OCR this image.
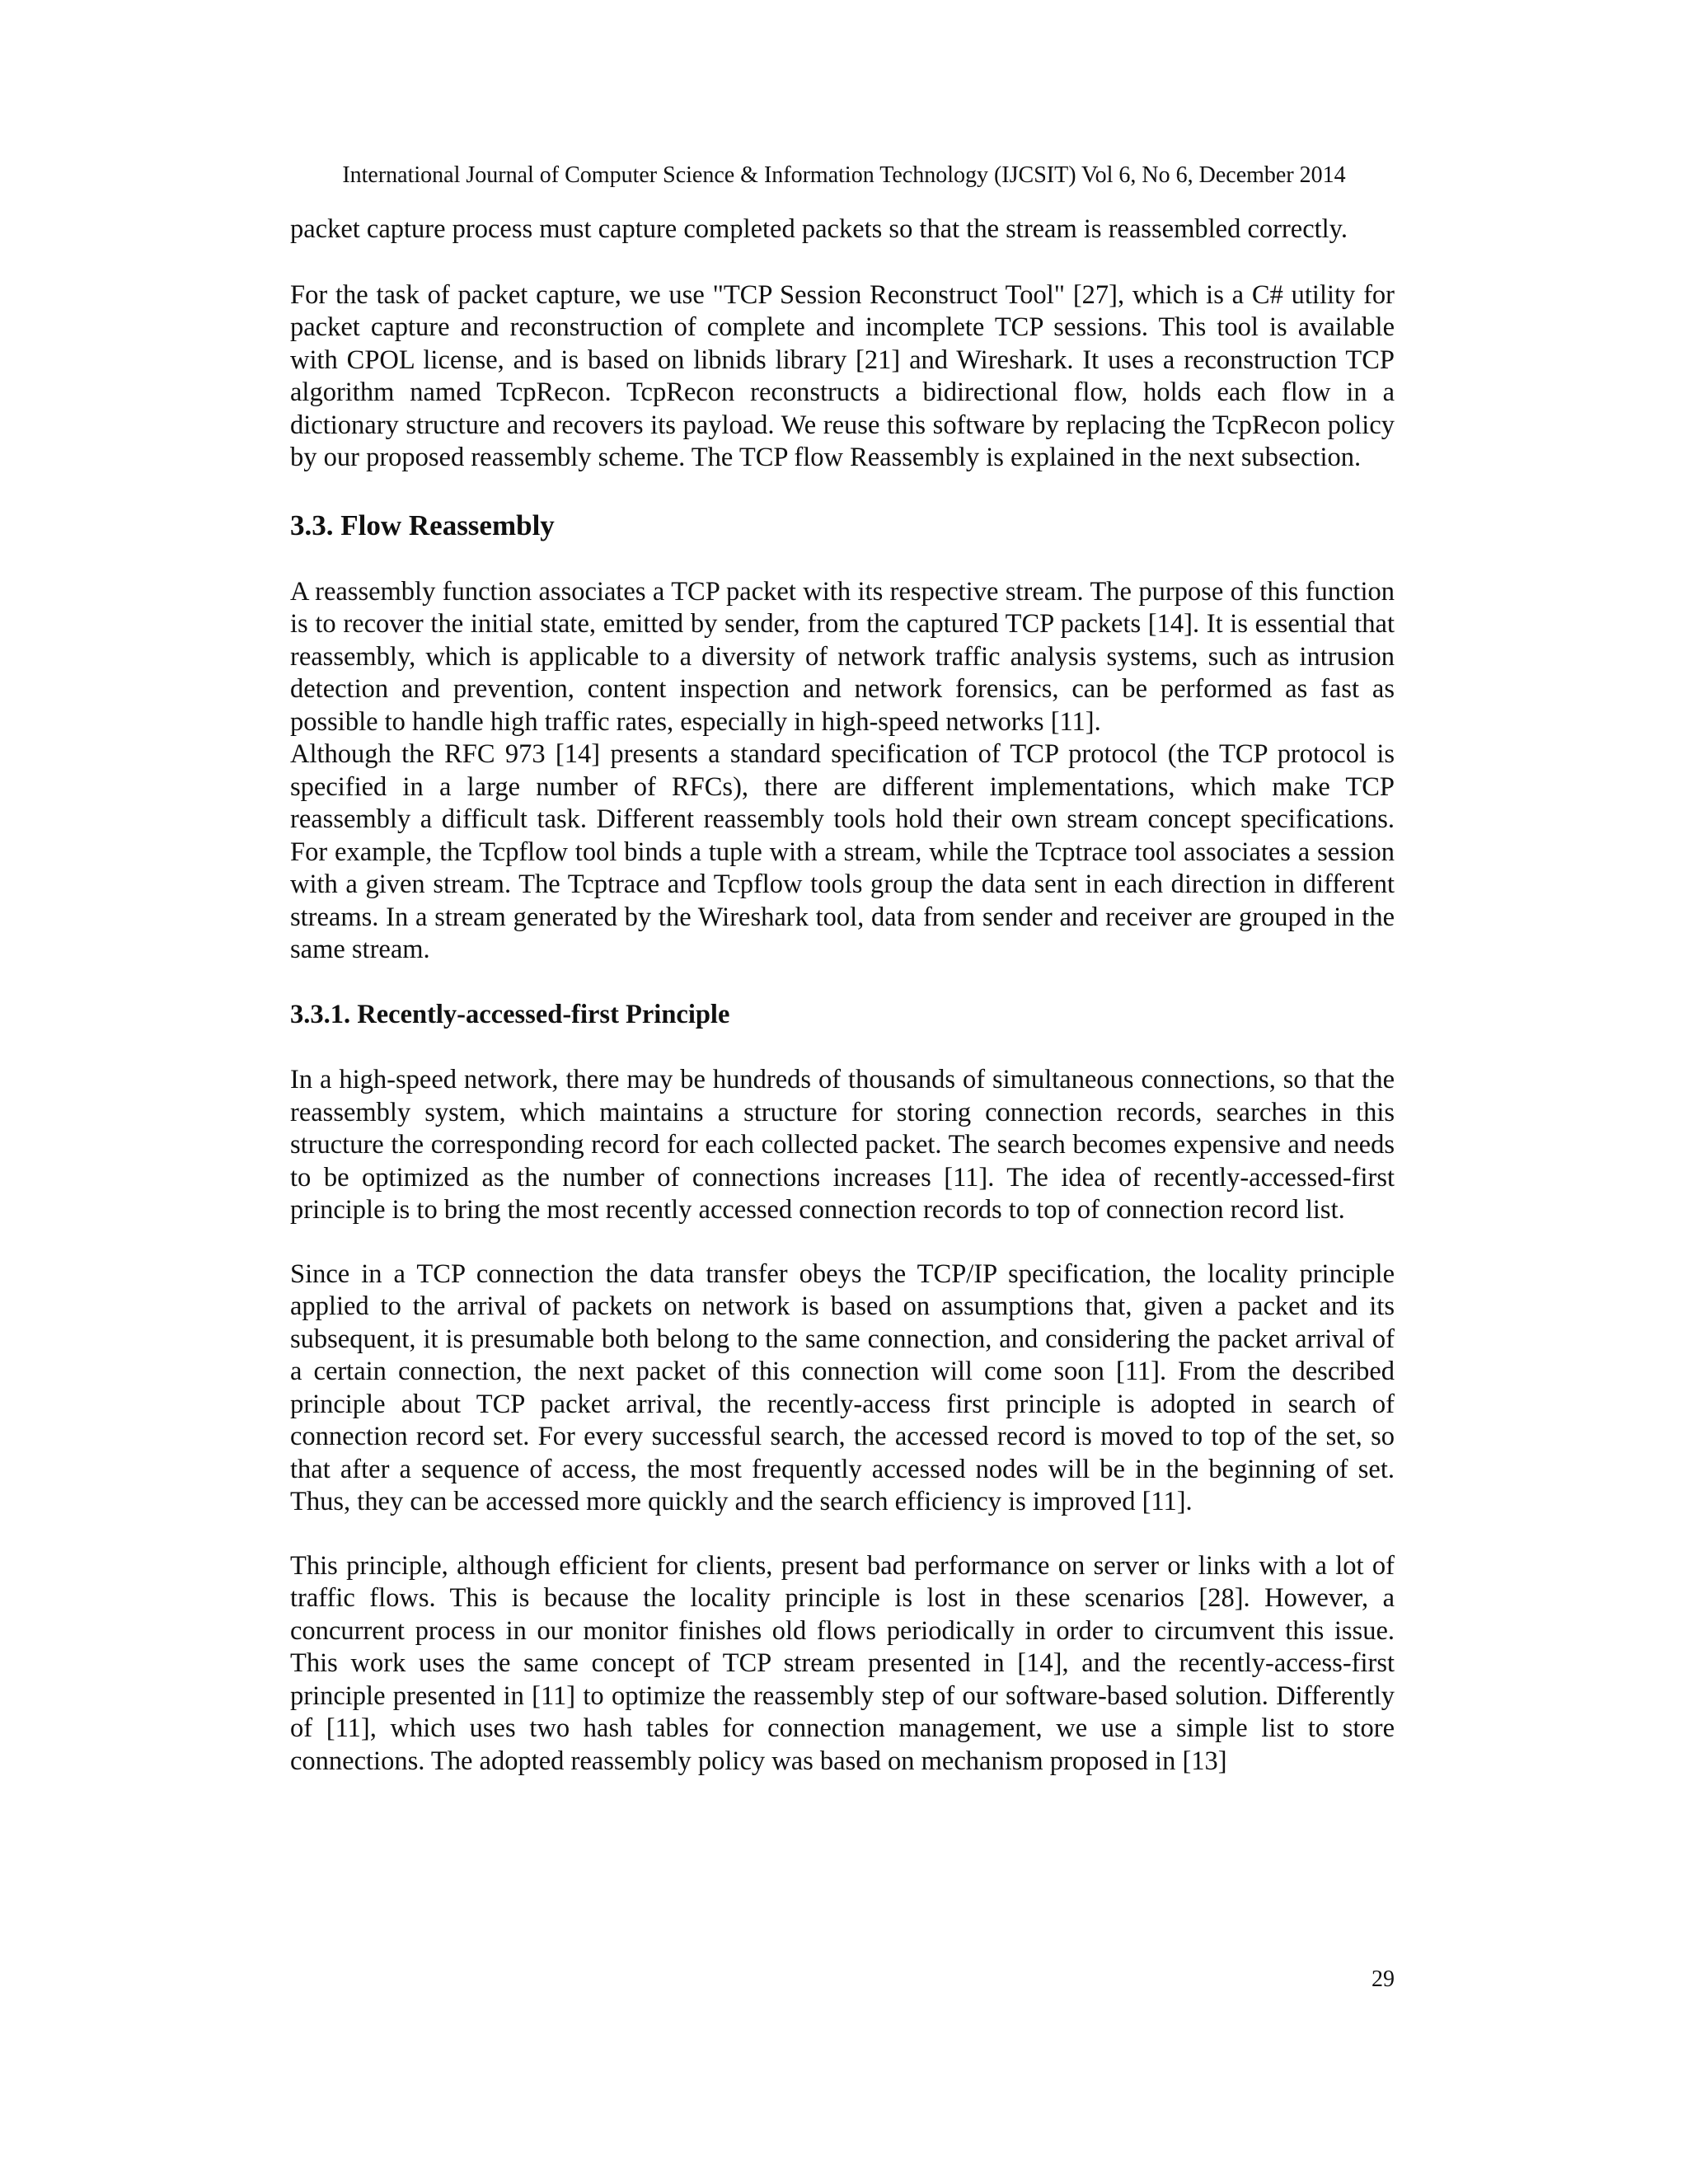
International Journal of Computer Science & Information Technology (IJCSIT) Vol 6, No 6, December 2014

packet capture process must capture completed packets so that the stream is reassembled correctly.

For the task of packet capture, we use "TCP Session Reconstruct Tool" [27], which is a C# utility for packet capture and reconstruction of complete and incomplete TCP sessions. This tool is available with CPOL license, and is based on libnids library [21] and Wireshark. It uses a reconstruction TCP algorithm named TcpRecon. TcpRecon reconstructs a bidirectional flow, holds each flow in a dictionary structure and recovers its payload. We reuse this software by replacing the TcpRecon policy by our proposed reassembly scheme. The TCP flow Reassembly is explained in the next subsection.

3.3. Flow Reassembly

A reassembly function associates a TCP packet with its respective stream. The purpose of this function is to recover the initial state, emitted by sender, from the captured TCP packets [14]. It is essential that reassembly, which is applicable to a diversity of network traffic analysis systems, such as intrusion detection and prevention, content inspection and network forensics, can be performed as fast as possible to handle high traffic rates, especially in high-speed networks [11].

Although the RFC 973 [14] presents a standard specification of TCP protocol (the TCP protocol is specified in a large number of RFCs), there are different implementations, which make TCP reassembly a difficult task. Different reassembly tools hold their own stream concept specifications. For example, the Tcpflow tool binds a tuple with a stream, while the Tcptrace tool associates a session with a given stream. The Tcptrace and Tcpflow tools group the data sent in each direction in different streams. In a stream generated by the Wireshark tool, data from sender and receiver are grouped in the same stream.

3.3.1. Recently-accessed-first Principle

In a high-speed network, there may be hundreds of thousands of simultaneous connections, so that the reassembly system, which maintains a structure for storing connection records, searches in this structure the corresponding record for each collected packet. The search becomes expensive and needs to be optimized as the number of connections increases [11]. The idea of recently-accessed-first principle is to bring the most recently accessed connection records to top of connection record list.

Since in a TCP connection the data transfer obeys the TCP/IP specification, the locality principle applied to the arrival of packets on network is based on assumptions that, given a packet and its subsequent, it is presumable both belong to the same connection, and considering the packet arrival of a certain connection, the next packet of this connection will come soon [11]. From the described principle about TCP packet arrival, the recently-access first principle is adopted in search of connection record set. For every successful search, the accessed record is moved to top of the set, so that after a sequence of access, the most frequently accessed nodes will be in the beginning of set. Thus, they can be accessed more quickly and the search efficiency is improved [11].

This principle, although efficient for clients, present bad performance on server or links with a lot of traffic flows. This is because the locality principle is lost in these scenarios [28]. However, a concurrent process in our monitor finishes old flows periodically in order to circumvent this issue. This work uses the same concept of TCP stream presented in [14], and the recently-access-first principle presented in [11] to optimize the reassembly step of our software-based solution. Differently of [11], which uses two hash tables for connection management, we use a simple list to store connections. The adopted reassembly policy was based on mechanism proposed in [13]

29
